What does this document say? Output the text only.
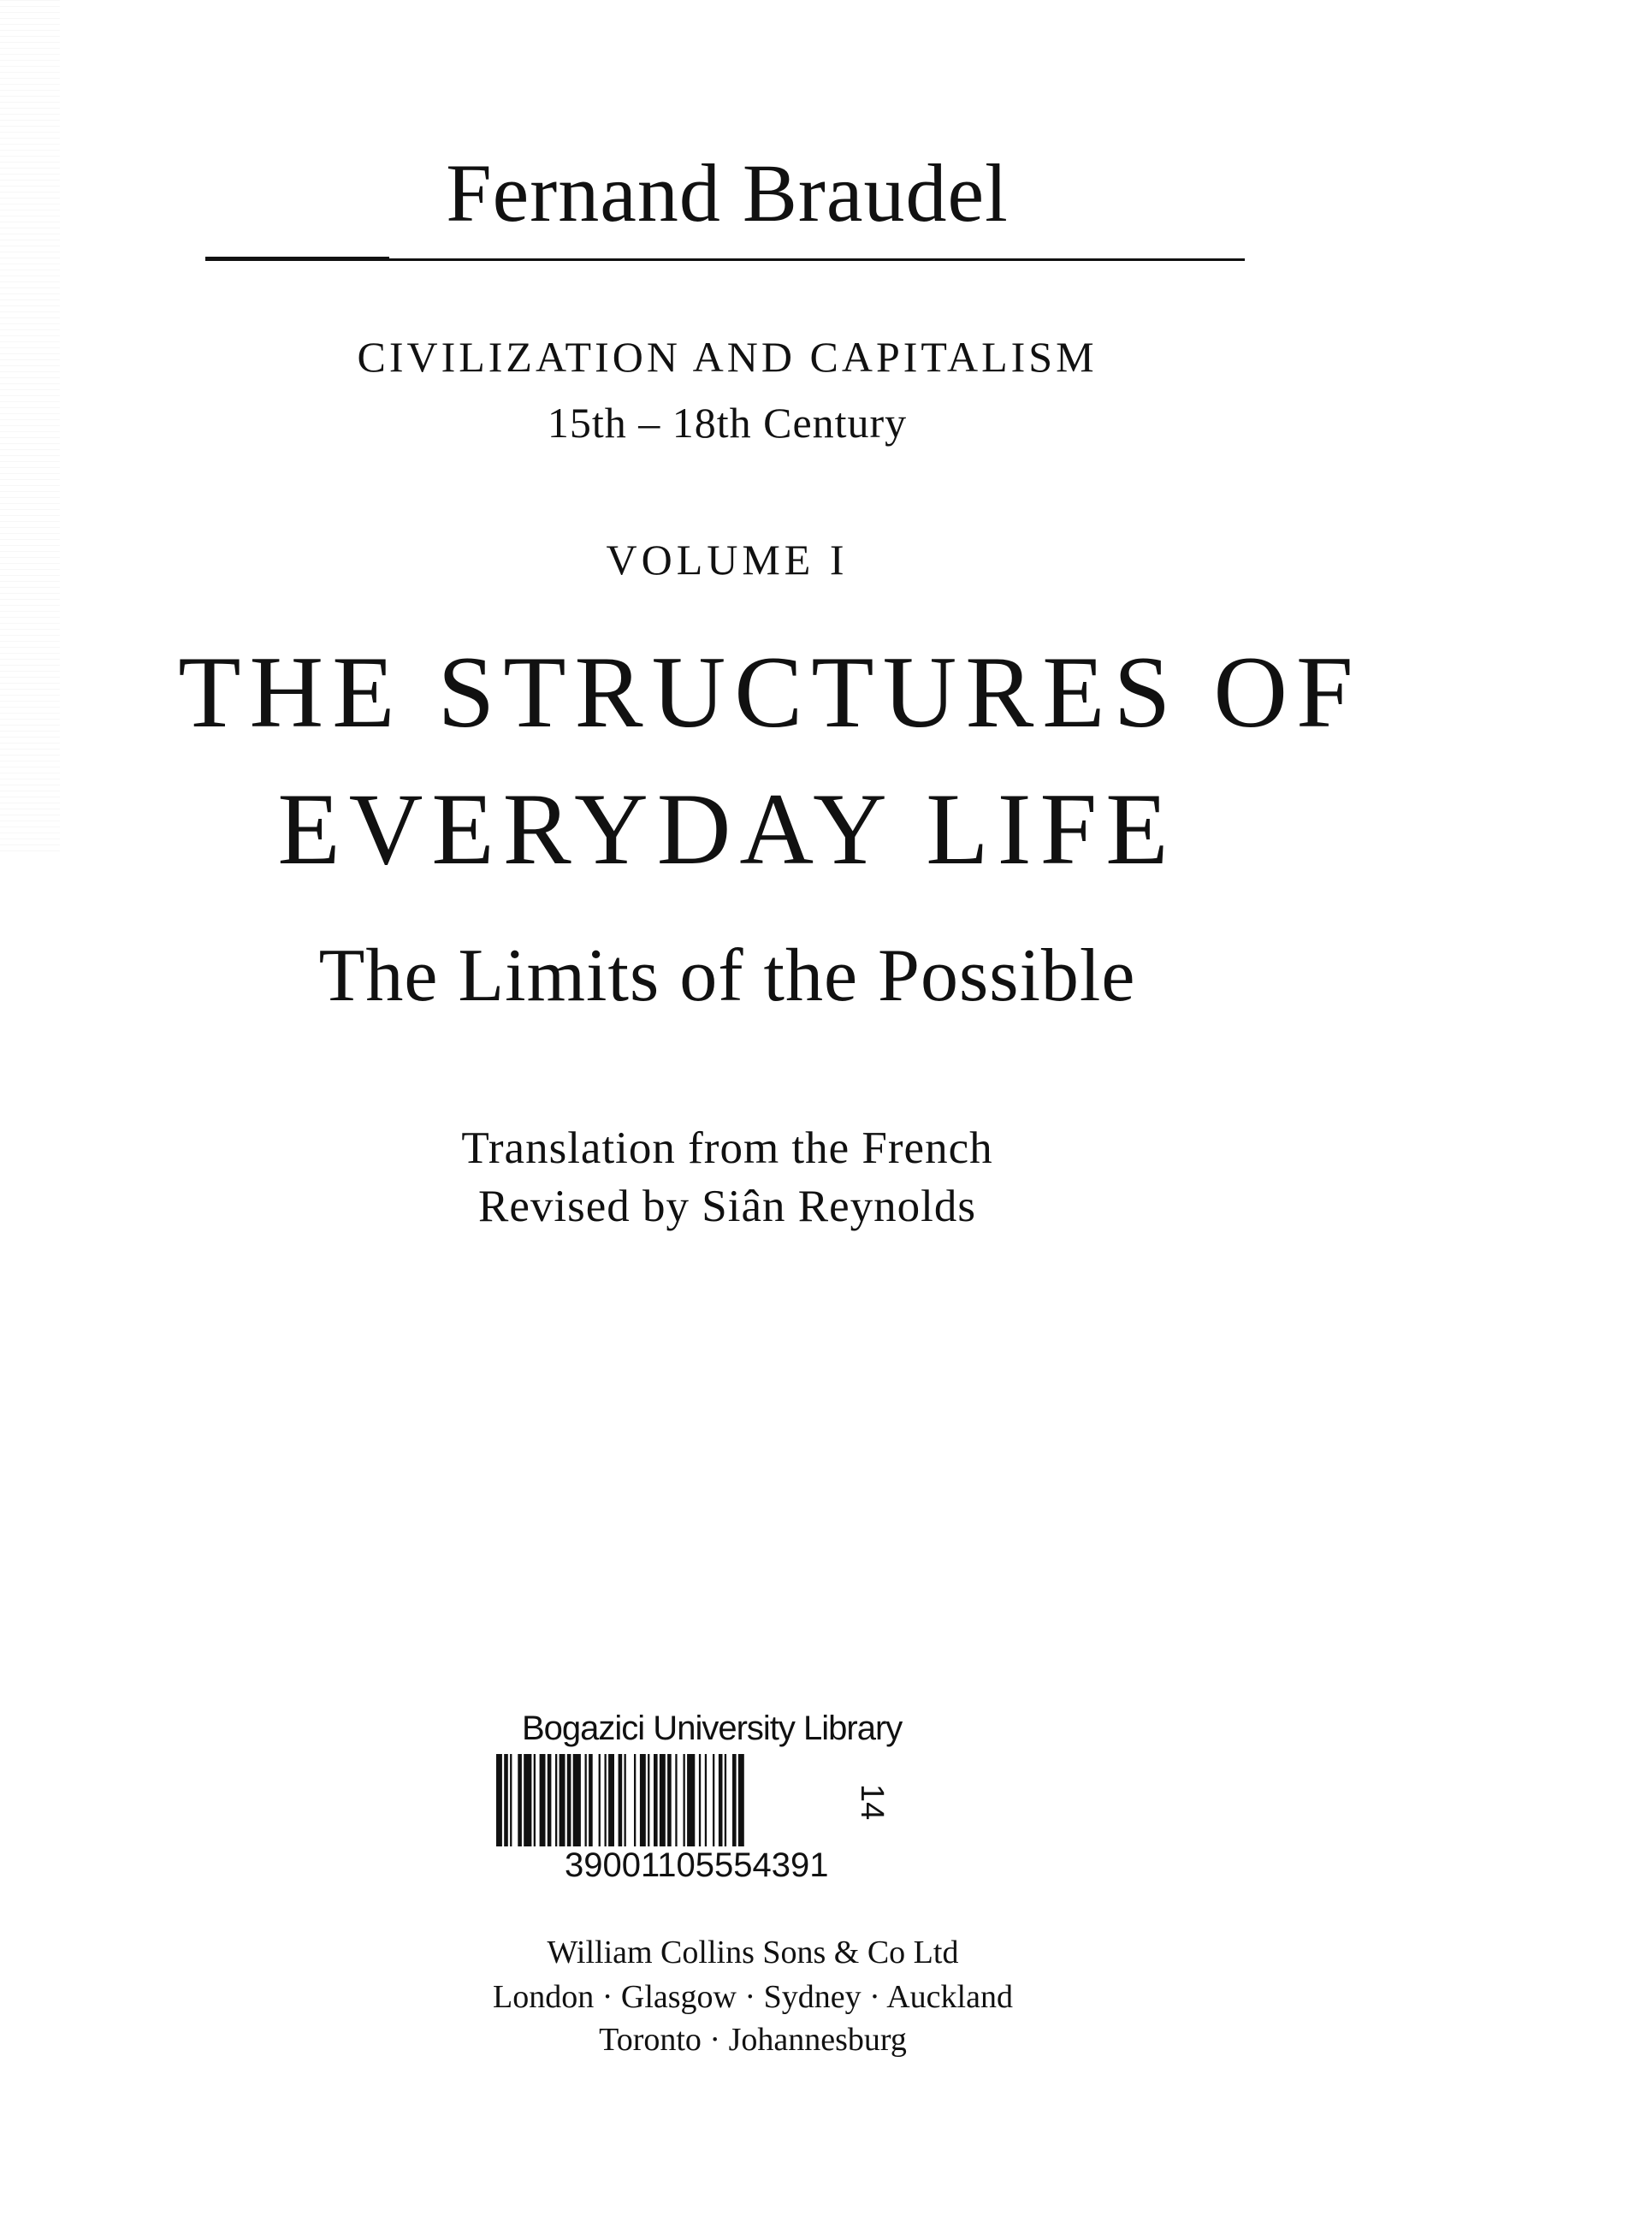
Fernand Braudel
CIVILIZATION AND CAPITALISM
15th – 18th Century
VOLUME I
THE STRUCTURES OF
EVERYDAY LIFE
The Limits of the Possible
Translation from the French
Revised by Siân Reynolds
Bogazici University Library
39001105554391
14
William Collins Sons & Co Ltd
London · Glasgow · Sydney · Auckland
Toronto · Johannesburg
